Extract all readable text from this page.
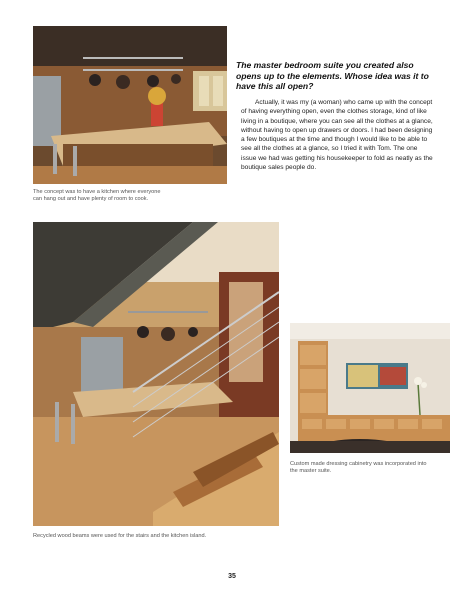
The concept was to have a kitchen where everyone can hang out and have plenty of room to cook.

The master bedroom suite you created also opens up to the elements. Whose idea was it to have this all open?

Actually, it was my (a woman) who came up with the concept of having everything open, even the clothes storage, kind of like living in a boutique, where you can see all the clothes at a glance, without having to open up drawers or doors. I had been designing a few boutiques at the time and though I would like to be able to see all the clothes at a glance, so I tried it with Tom. The one issue we had was getting his housekeeper to fold as neatly as the boutique sales people do.

Recycled wood beams were used for the stairs and the kitchen island.
Custom made dressing cabinetry was incorporated into the master suite.
35
